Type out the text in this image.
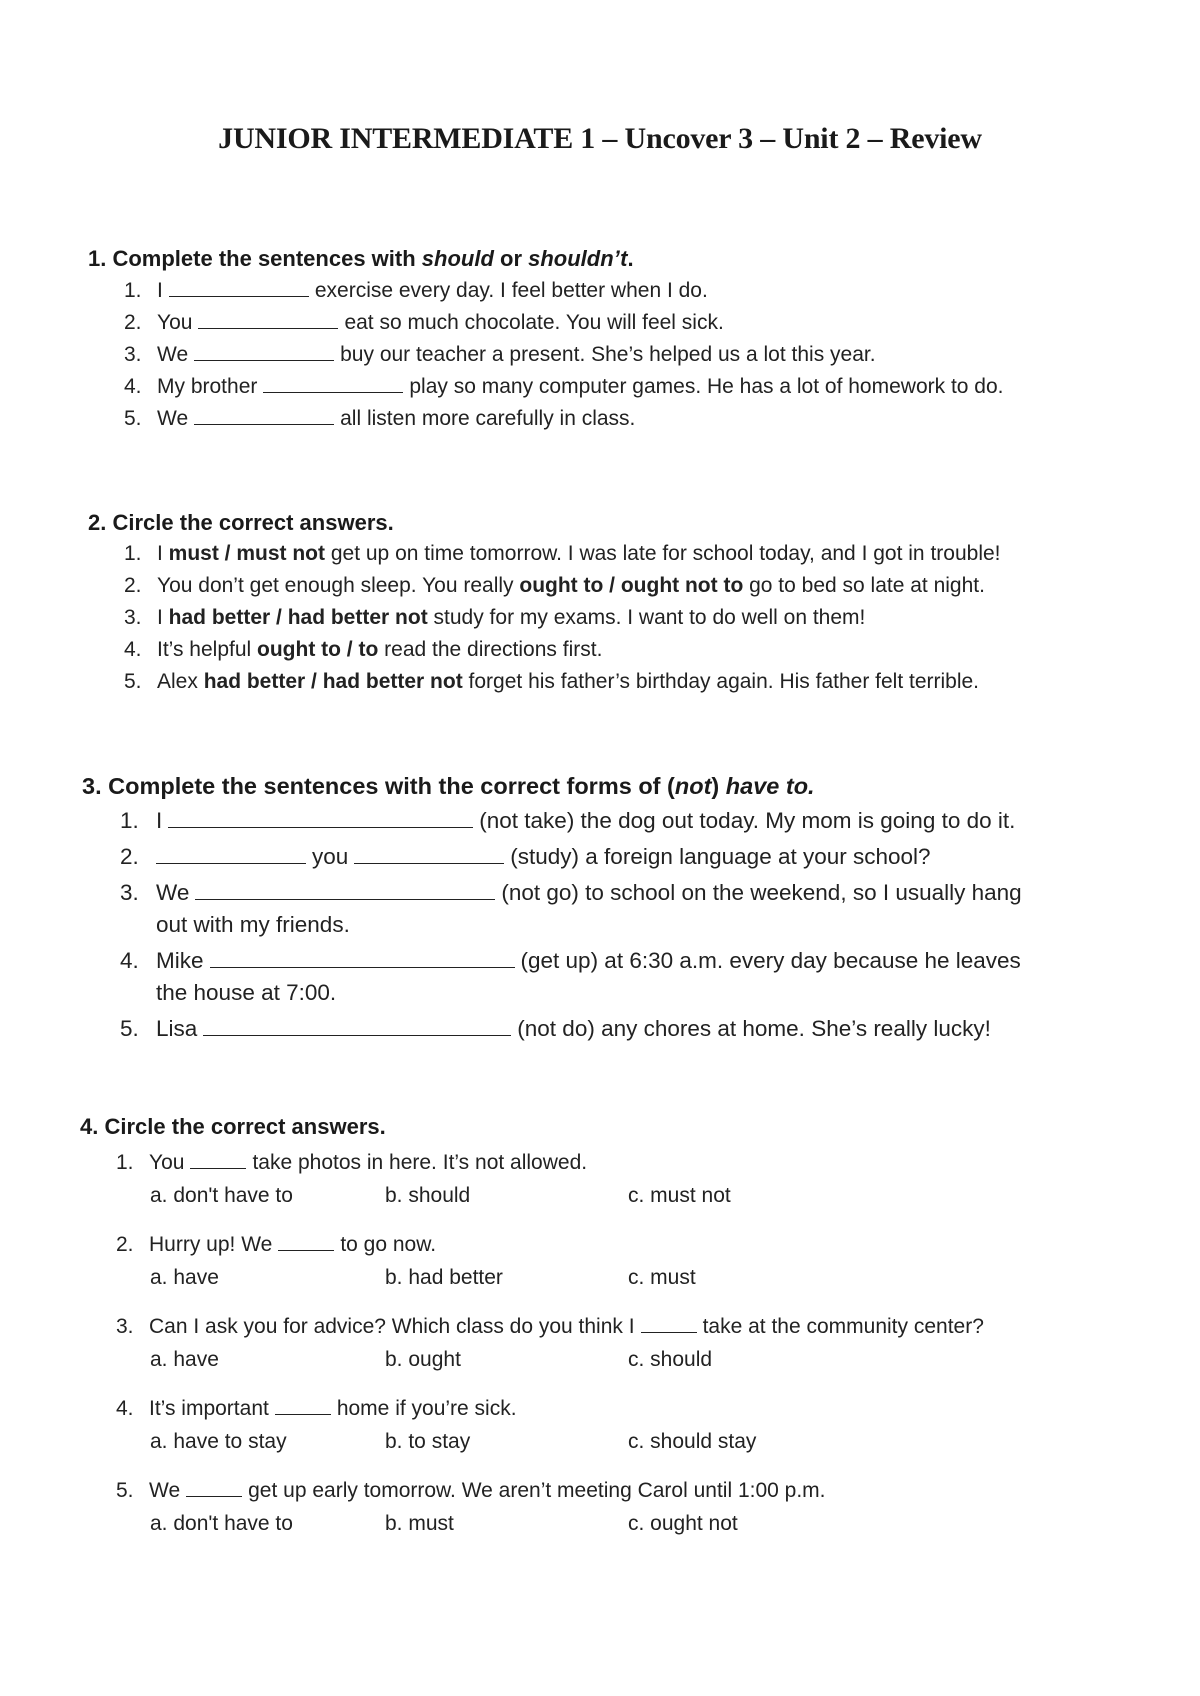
JUNIOR INTERMEDIATE 1 – Uncover 3 – Unit 2 – Review
1. Complete the sentences with should or shouldn’t.
1. I	exercise every day. I feel better when I do.
2. You	eat so much chocolate. You will feel sick.
3. We	buy our teacher a present. She’s helped us a lot this year.
4. My brother	play so many computer games. He has a lot of homework to do.
5. We	all listen more carefully in class.
2. Circle the correct answers.
1. I must / must not get up on time tomorrow. I was late for school today, and I got in trouble!
2. You don’t get enough sleep. You really ought to / ought not to go to bed so late at night.
3. I had better / had better not study for my exams. I want to do well on them!
4. It’s helpful ought to / to read the directions first.
5. Alex had better / had better not forget his father’s birthday again. His father felt terrible.
3. Complete the sentences with the correct forms of (not) have to.
1. I	(not take) the dog out today. My mom is going to do it.
2.	you	(study) a foreign language at your school?
3. We	(not go) to school on the weekend, so I usually hang
out with my friends.
4. Mike	(get up) at 6:30 a.m. every day because he leaves
the house at 7:00.
5. Lisa	(not do) any chores at home. She’s really lucky!
4. Circle the correct answers.
1. You	take photos in here. It’s not allowed.
a. don't have to	b. should	c. must not
2. Hurry up! We	to go now.
a. have	b. had better	c. must
3. Can I ask you for advice? Which class do you think I	take at the community center?
a. have	b. ought	c. should
4. It’s important	home if you’re sick.
a. have to stay	b. to stay	c. should stay
5. We	get up early tomorrow. We aren’t meeting Carol until 1:00 p.m.
a. don't have to	b. must	c. ought not
